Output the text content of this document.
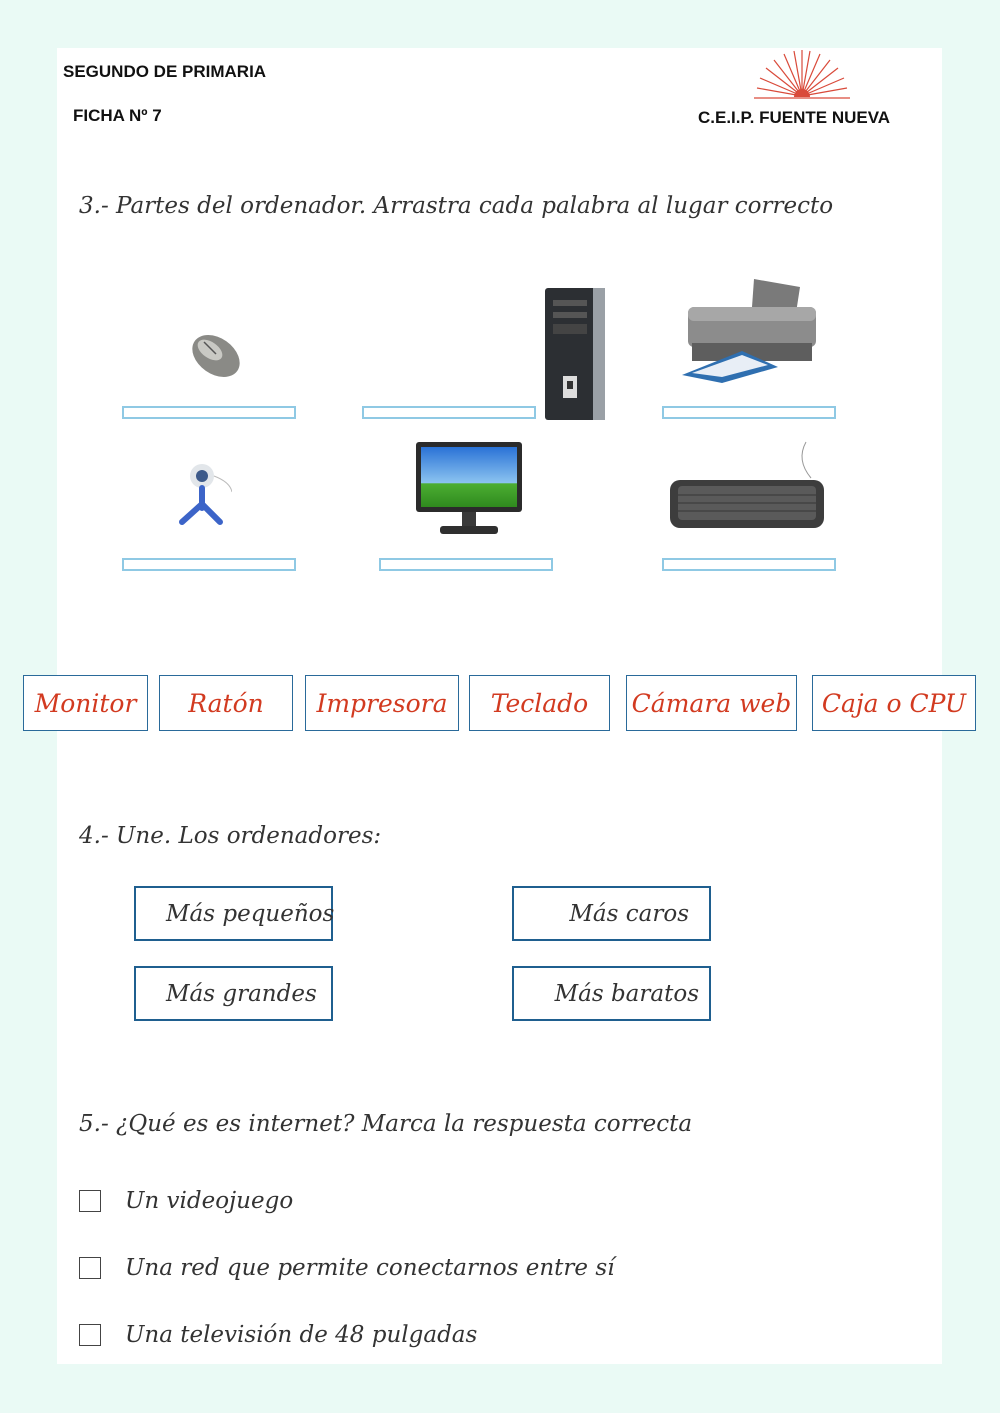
SEGUNDO DE PRIMARIA
FICHA Nº 7	C.E.I.P. FUENTE NUEVA
3.- Partes del ordenador. Arrastra cada palabra al lugar correcto
Monitor	Ratón	Impresora	Teclado	Cámara web	Caja o CPU
4.- Une. Los ordenadores:
Más pequeños
Más grandes
Más caros
Más baratos
5.- ¿Qué es es internet? Marca la respuesta correcta
Un videojuego
Una red que permite conectarnos entre sí
Una televisión de 48 pulgadas
